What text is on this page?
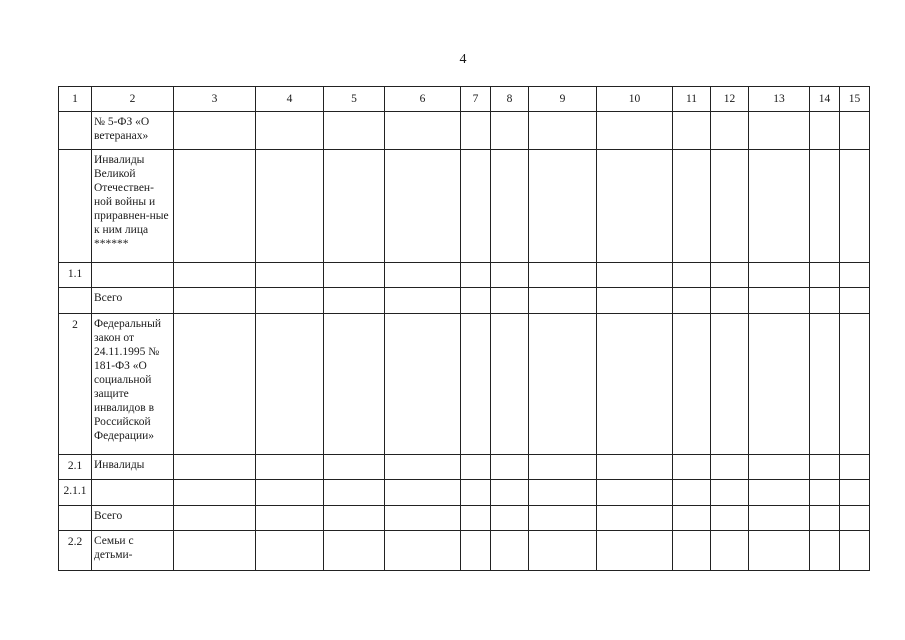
4
1	2	3	4	5	6	7	8	9	10	11	12	13	14	15
	№ 5-ФЗ «О ветеранах»													
	Инвалиды Великой Отечествен-ной войны и приравнен-ные к ним лица ******													
1.1														
	Всего													
2	Федеральный закон от 24.11.1995 № 181-ФЗ «О социальной защите инвалидов в Российской Федерации»													
2.1	Инвалиды													
2.1.1														
	Всего													
2.2	Семьи с детьми-													
